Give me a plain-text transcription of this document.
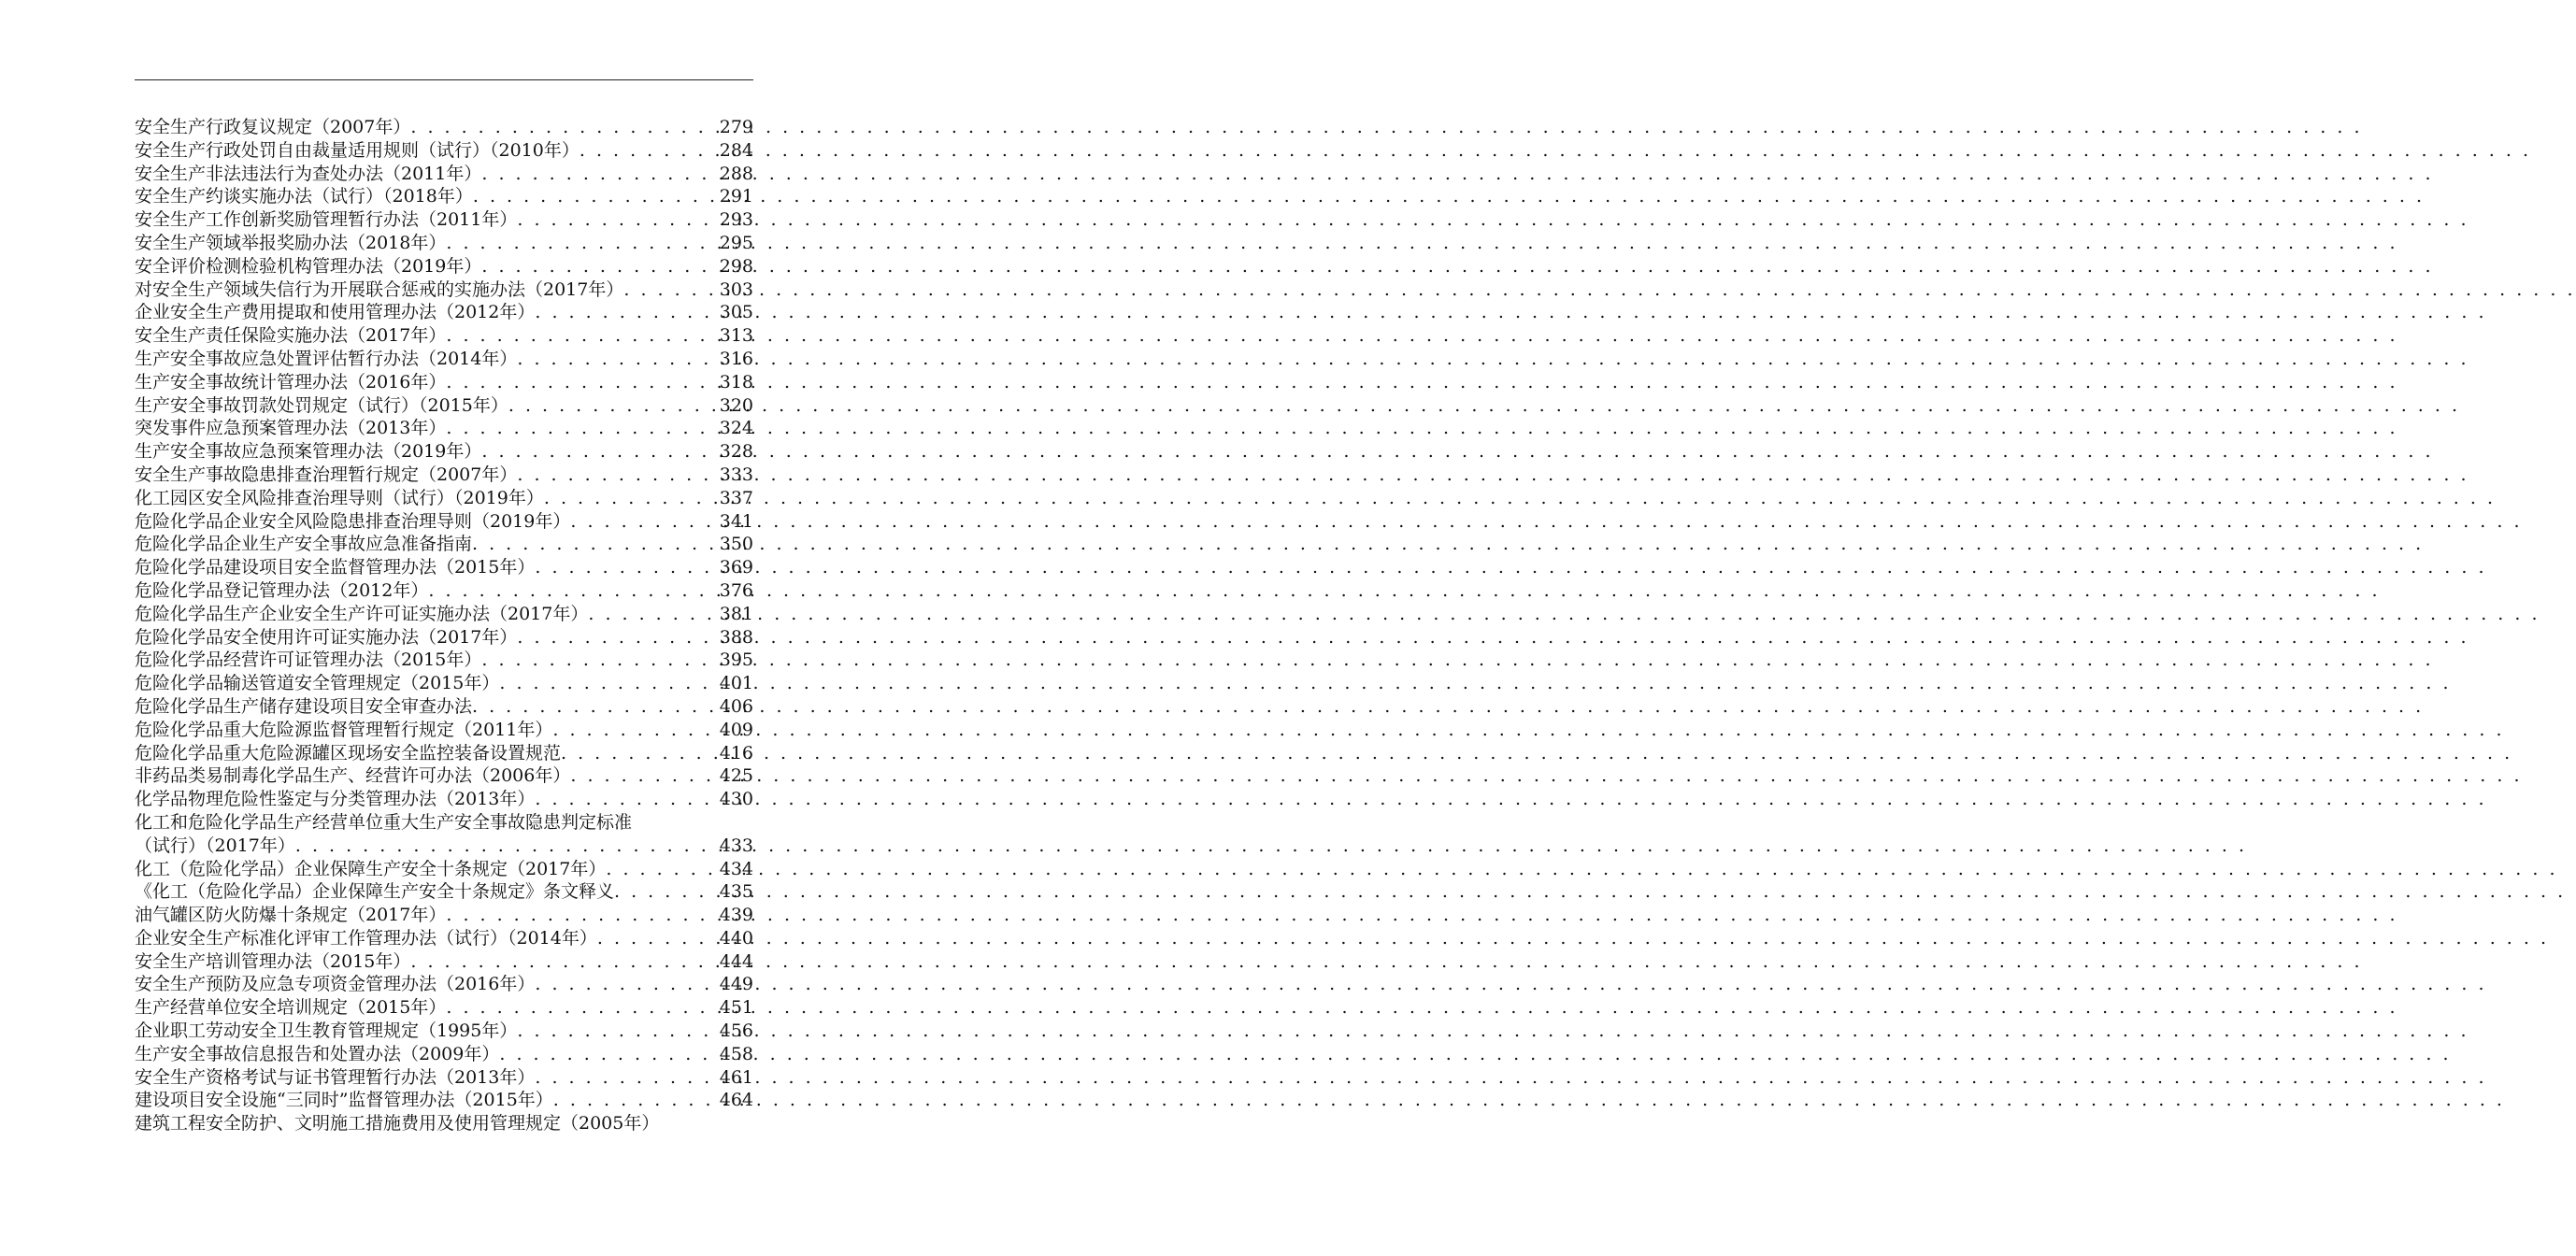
安全生产行政复议规定（2007年） . . .	279
安全生产行政处罚自由裁量适用规则（试行）（2010年） . . .	284
安全生产非法违法行为查处办法（2011年） . . .	288
安全生产约谈实施办法（试行）（2018年） . . .	291
安全生产工作创新奖励管理暂行办法（2011年） . . .	293
安全生产领域举报奖励办法（2018年） . . .	295
安全评价检测检验机构管理办法（2019年） . . .	298
对安全生产领域失信行为开展联合惩戒的实施办法（2017年） . . .	303
企业安全生产费用提取和使用管理办法（2012年） . . .	305
安全生产责任保险实施办法（2017年） . . .	313
生产安全事故应急处置评估暂行办法（2014年） . . .	316
生产安全事故统计管理办法（2016年） . . .	318
生产安全事故罚款处罚规定（试行）（2015年） . . .	320
突发事件应急预案管理办法（2013年） . . .	324
生产安全事故应急预案管理办法（2019年） . . .	328
安全生产事故隐患排查治理暂行规定（2007年） . . .	333
化工园区安全风险排查治理导则（试行）（2019年） . . .	337
危险化学品企业安全风险隐患排查治理导则（2019年） . . .	341
危险化学品企业生产安全事故应急准备指南 . . .	350
危险化学品建设项目安全监督管理办法（2015年） . . .	369
危险化学品登记管理办法（2012年） . . .	376
危险化学品生产企业安全生产许可证实施办法（2017年） . . .	381
危险化学品安全使用许可证实施办法（2017年） . . .	388
危险化学品经营许可证管理办法（2015年） . . .	395
危险化学品输送管道安全管理规定（2015年） . . .	401
危险化学品生产储存建设项目安全审查办法 . . .	406
危险化学品重大危险源监督管理暂行规定（2011年） . . .	409
危险化学品重大危险源罐区现场安全监控装备设置规范 . . .	416
非药品类易制毒化学品生产、经营许可办法（2006年） . . .	425
化学品物理危险性鉴定与分类管理办法（2013年） . . .	430
化工和危险化学品生产经营单位重大生产安全事故隐患判定标准
（试行）（2017年） . . .	433
化工（危险化学品）企业保障生产安全十条规定（2017年） . . .	434
《化工（危险化学品）企业保障生产安全十条规定》条文释义 . . .	435
油气罐区防火防爆十条规定（2017年） . . .	439
企业安全生产标准化评审工作管理办法（试行）（2014年） . . .	440
安全生产培训管理办法（2015年） . . .	444
安全生产预防及应急专项资金管理办法（2016年） . . .	449
生产经营单位安全培训规定（2015年） . . .	451
企业职工劳动安全卫生教育管理规定（1995年） . . .	456
生产安全事故信息报告和处置办法（2009年） . . .	458
安全生产资格考试与证书管理暂行办法（2013年） . . .	461
建设项目安全设施“三同时”监督管理办法（2015年） . . .	464
建筑工程安全防护、文明施工措施费用及使用管理规定（2005年）
